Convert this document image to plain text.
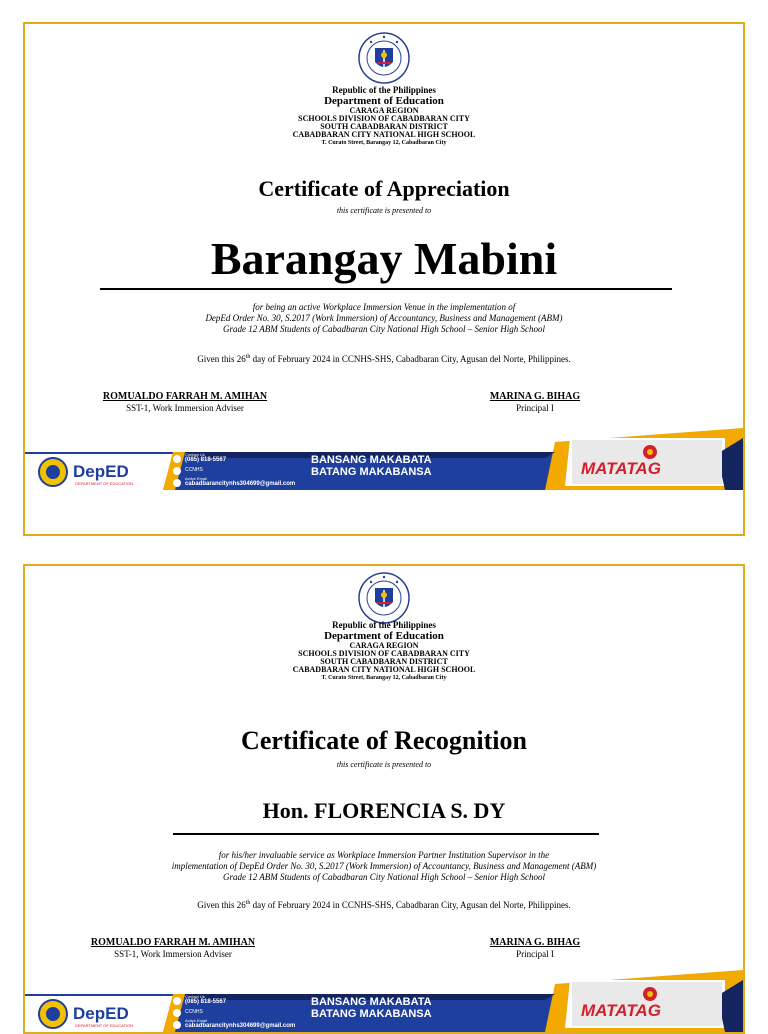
Republic of the Philippines
Department of Education
CARAGA REGION
SCHOOLS DIVISION OF CABADBARAN CITY
SOUTH CABADBARAN DISTRICT
CABADBARAN CITY NATIONAL HIGH SCHOOL
T. Curato Street, Barangay 12, Cabadbaran City
Certificate of Appreciation
this certificate is presented to
Barangay Mabini
for being an active Workplace Immersion Venue in the implementation of
DepEd Order No. 30, S.2017 (Work Immersion) of Accountancy, Business and Management (ABM)
Grade 12 ABM Students of Cabadbaran City National High School – Senior High School
Given this 26th day of February 2024 in CCNHS-SHS, Cabadbaran City, Agusan del Norte, Philippines.
ROMUALDO FARRAH M. AMIHAN
SST-1, Work Immersion Adviser
MARINA G. BIHAG
Principal I
DepED
DEPARTMENT OF EDUCATION
Contact Us
(085) 818-5567
CCNHS
Active Email
cabadbarancitynhs304699@gmail.com
BANSANG MAKABATA
BATANG MAKABANSA	MATATAG
Republic of the Philippines
Department of Education
CARAGA REGION
SCHOOLS DIVISION OF CABADBARAN CITY
SOUTH CABADBARAN DISTRICT
CABADBARAN CITY NATIONAL HIGH SCHOOL
T. Curato Street, Barangay 12, Cabadbaran City
Certificate of Recognition
this certificate is presented to
Hon. FLORENCIA S. DY
for his/her invaluable service as Workplace Immersion Partner Institution Supervisor in the
implementation of DepEd Order No. 30, S.2017 (Work Immersion) of Accountancy, Business and Management (ABM)
Grade 12 ABM Students of Cabadbaran City National High School – Senior High School
Given this 26th day of February 2024 in CCNHS-SHS, Cabadbaran City, Agusan del Norte, Philippines.
ROMUALDO FARRAH M. AMIHAN
SST-1, Work Immersion Adviser
MARINA G. BIHAG
Principal I
DepED
DEPARTMENT OF EDUCATION
Contact Us
(085) 818-5567
CCNHS
Active Email
cabadbarancitynhs304699@gmail.com
BANSANG MAKABATA
BATANG MAKABANSA	MATATAG
